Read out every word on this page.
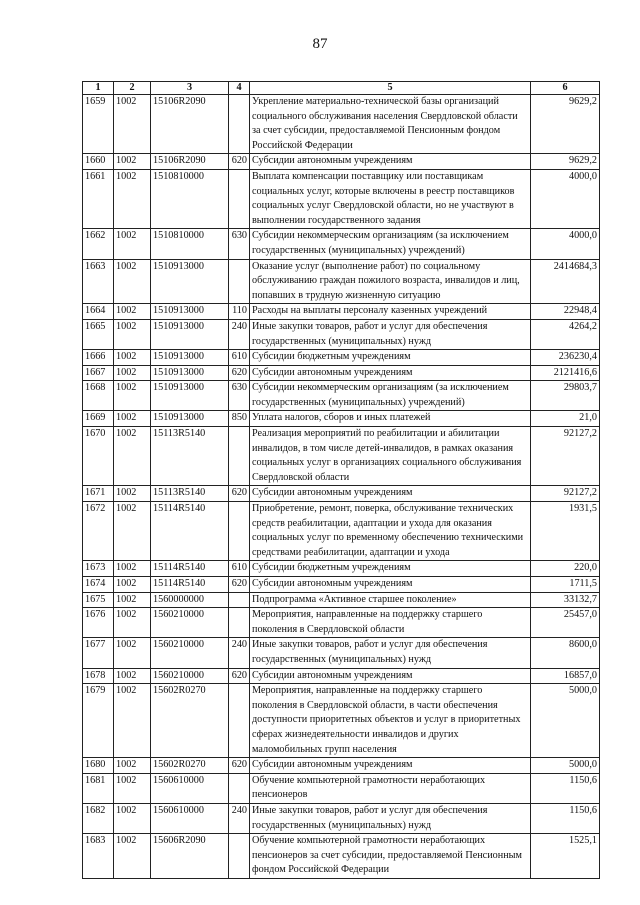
87
1	2	3	4	5	6
1659	1002	15106R2090		Укрепление материально-технической базы организаций социального обслуживания населения Свердловской области за счет субсидии, предоставляемой Пенсионным фондом Российской Федерации	9629,2
1660	1002	15106R2090	620	Субсидии автономным учреждениям	9629,2
1661	1002	1510810000		Выплата компенсации поставщику или поставщикам социальных услуг, которые включены в реестр поставщиков социальных услуг Свердловской области, но не участвуют в выполнении государственного задания	4000,0
1662	1002	1510810000	630	Субсидии некоммерческим организациям (за исключением государственных (муниципальных) учреждений)	4000,0
1663	1002	1510913000		Оказание услуг (выполнение работ) по социальному обслуживанию граждан пожилого возраста, инвалидов и лиц, попавших в трудную жизненную ситуацию	2414684,3
1664	1002	1510913000	110	Расходы на выплаты персоналу казенных учреждений	22948,4
1665	1002	1510913000	240	Иные закупки товаров, работ и услуг для обеспечения государственных (муниципальных) нужд	4264,2
1666	1002	1510913000	610	Субсидии бюджетным учреждениям	236230,4
1667	1002	1510913000	620	Субсидии автономным учреждениям	2121416,6
1668	1002	1510913000	630	Субсидии некоммерческим организациям (за исключением государственных (муниципальных) учреждений)	29803,7
1669	1002	1510913000	850	Уплата налогов, сборов и иных платежей	21,0
1670	1002	15113R5140		Реализация мероприятий по реабилитации и абилитации инвалидов, в том числе детей-инвалидов, в рамках оказания социальных услуг в организациях социального обслуживания Свердловской области	92127,2
1671	1002	15113R5140	620	Субсидии автономным учреждениям	92127,2
1672	1002	15114R5140		Приобретение, ремонт, поверка, обслуживание технических средств реабилитации, адаптации и ухода для оказания социальных услуг по временному обеспечению техническими средствами реабилитации, адаптации и ухода	1931,5
1673	1002	15114R5140	610	Субсидии бюджетным учреждениям	220,0
1674	1002	15114R5140	620	Субсидии автономным учреждениям	1711,5
1675	1002	1560000000		Подпрограмма «Активное старшее поколение»	33132,7
1676	1002	1560210000		Мероприятия, направленные на поддержку старшего поколения в Свердловской области	25457,0
1677	1002	1560210000	240	Иные закупки товаров, работ и услуг для обеспечения государственных (муниципальных) нужд	8600,0
1678	1002	1560210000	620	Субсидии автономным учреждениям	16857,0
1679	1002	15602R0270		Мероприятия, направленные на поддержку старшего поколения в Свердловской области, в части обеспечения доступности приоритетных объектов и услуг в приоритетных сферах жизнедеятельности инвалидов и других маломобильных групп населения	5000,0
1680	1002	15602R0270	620	Субсидии автономным учреждениям	5000,0
1681	1002	1560610000		Обучение компьютерной грамотности неработающих пенсионеров	1150,6
1682	1002	1560610000	240	Иные закупки товаров, работ и услуг для обеспечения государственных (муниципальных) нужд	1150,6
1683	1002	15606R2090		Обучение компьютерной грамотности неработающих пенсионеров за счет субсидии, предоставляемой Пенсионным фондом Российской Федерации	1525,1
